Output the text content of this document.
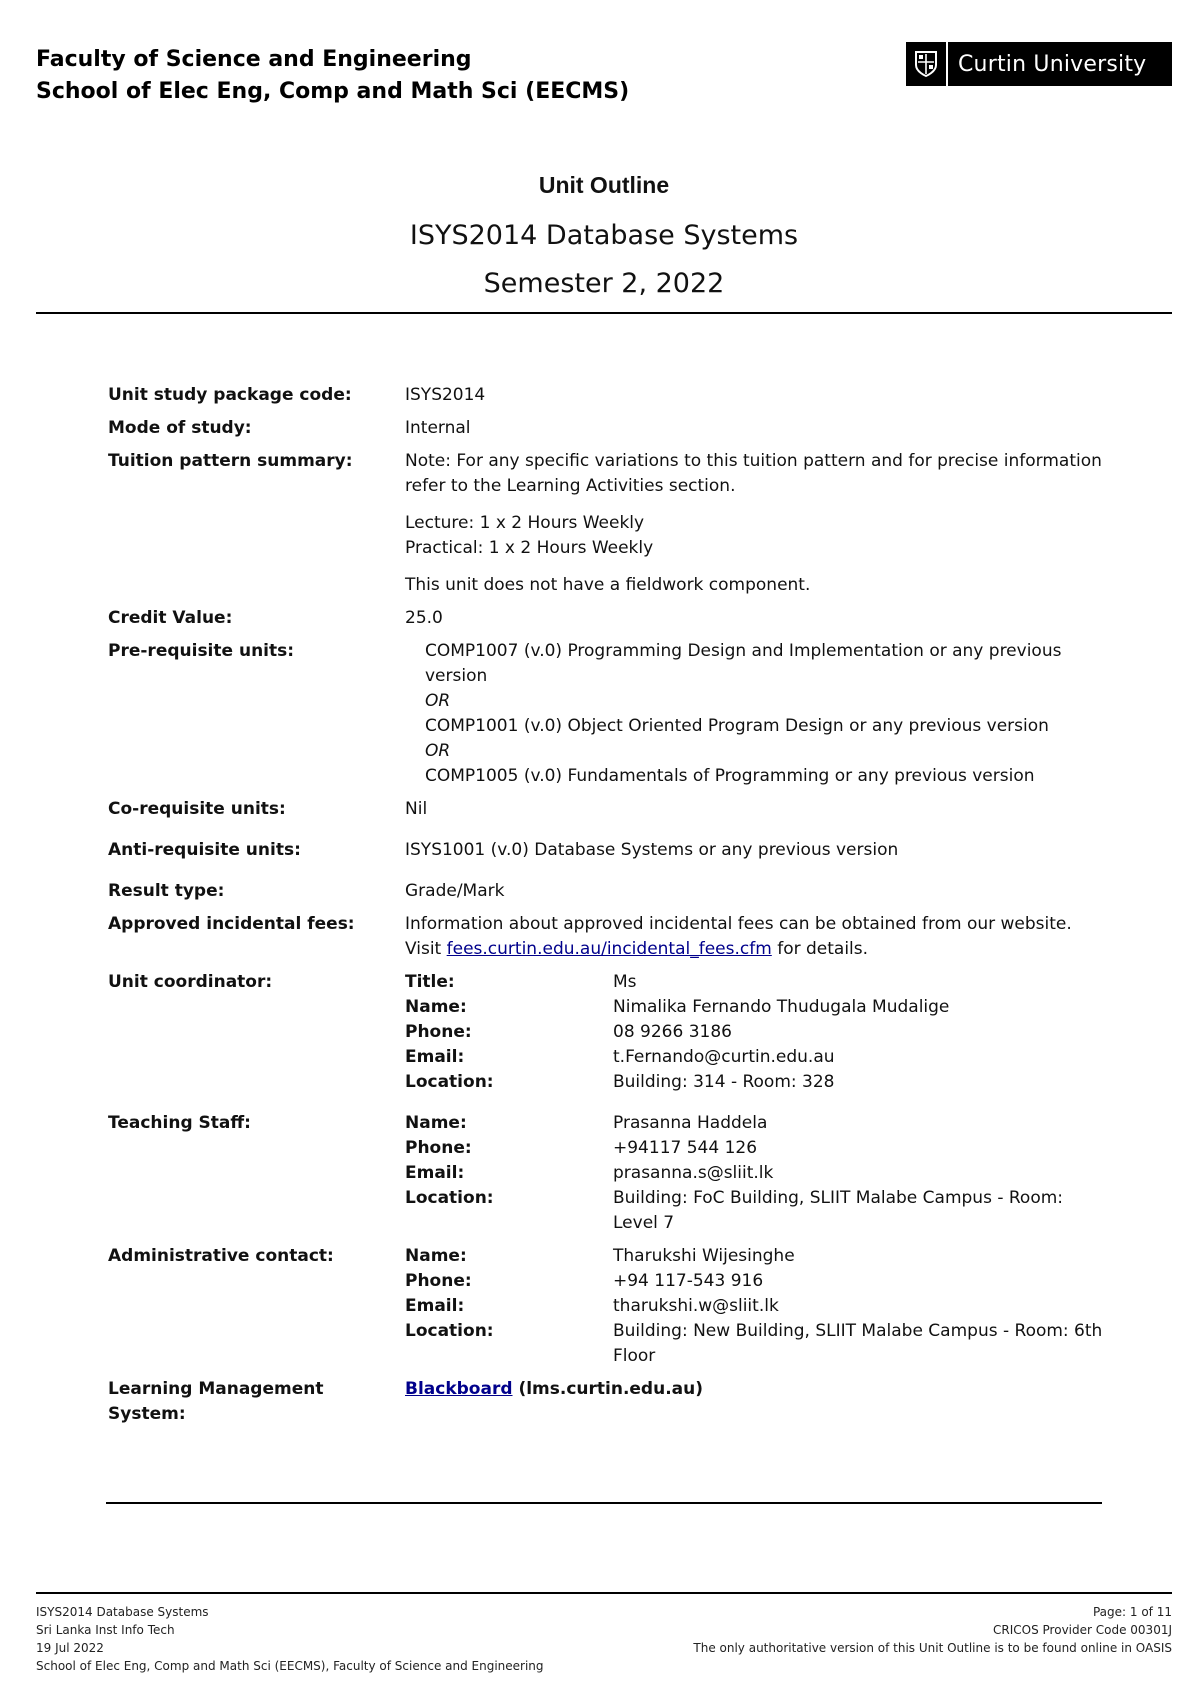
Faculty of Science and Engineering
School of Elec Eng, Comp and Math Sci (EECMS)
Curtin University
Unit Outline
ISYS2014 Database Systems
Semester 2, 2022
Unit study package code:	ISYS2014
Mode of study:	Internal
Tuition pattern summary:	Note: For any specific variations to this tuition pattern and for precise information refer to the Learning Activities section.

Lecture: 1 x 2 Hours Weekly

Practical: 1 x 2 Hours Weekly

This unit does not have a fieldwork component.

Credit Value:	25.0
Pre-requisite units:	COMP1007 (v.0) Programming Design and Implementation or any previous version
OR
COMP1001 (v.0) Object Oriented Program Design or any previous version
OR
COMP1005 (v.0) Fundamentals of Programming or any previous version
Co-requisite units:	Nil
Anti-requisite units:	ISYS1001 (v.0) Database Systems or any previous version
Result type:	Grade/Mark
Approved incidental fees:	Information about approved incidental fees can be obtained from our website.
Visit fees.curtin.edu.au/incidental_fees.cfm for details.
Unit coordinator:	Title:	Ms
Name:	Nimalika Fernando Thudugala Mudalige
Phone:	08 9266 3186
Email:	t.Fernando@curtin.edu.au
Location:	Building: 314 - Room: 328
Teaching Staff:	Name:	Prasanna Haddela
Phone:	+94117 544 126
Email:	prasanna.s@sliit.lk
Location:	Building: FoC Building, SLIIT Malabe Campus - Room: Level 7
Administrative contact:	Name:	Tharukshi Wijesinghe
Phone:	+94 117-543 916
Email:	tharukshi.w@sliit.lk
Location:	Building: New Building, SLIIT Malabe Campus - Room: 6th Floor
Learning Management System:
Blackboard (lms.curtin.edu.au)
ISYS2014 Database Systems
Sri Lanka Inst Info Tech
19 Jul 2022
School of Elec Eng, Comp and Math Sci (EECMS), Faculty of Science and Engineering
Page: 1 of 11
CRICOS Provider Code 00301J
The only authoritative version of this Unit Outline is to be found online in OASIS
